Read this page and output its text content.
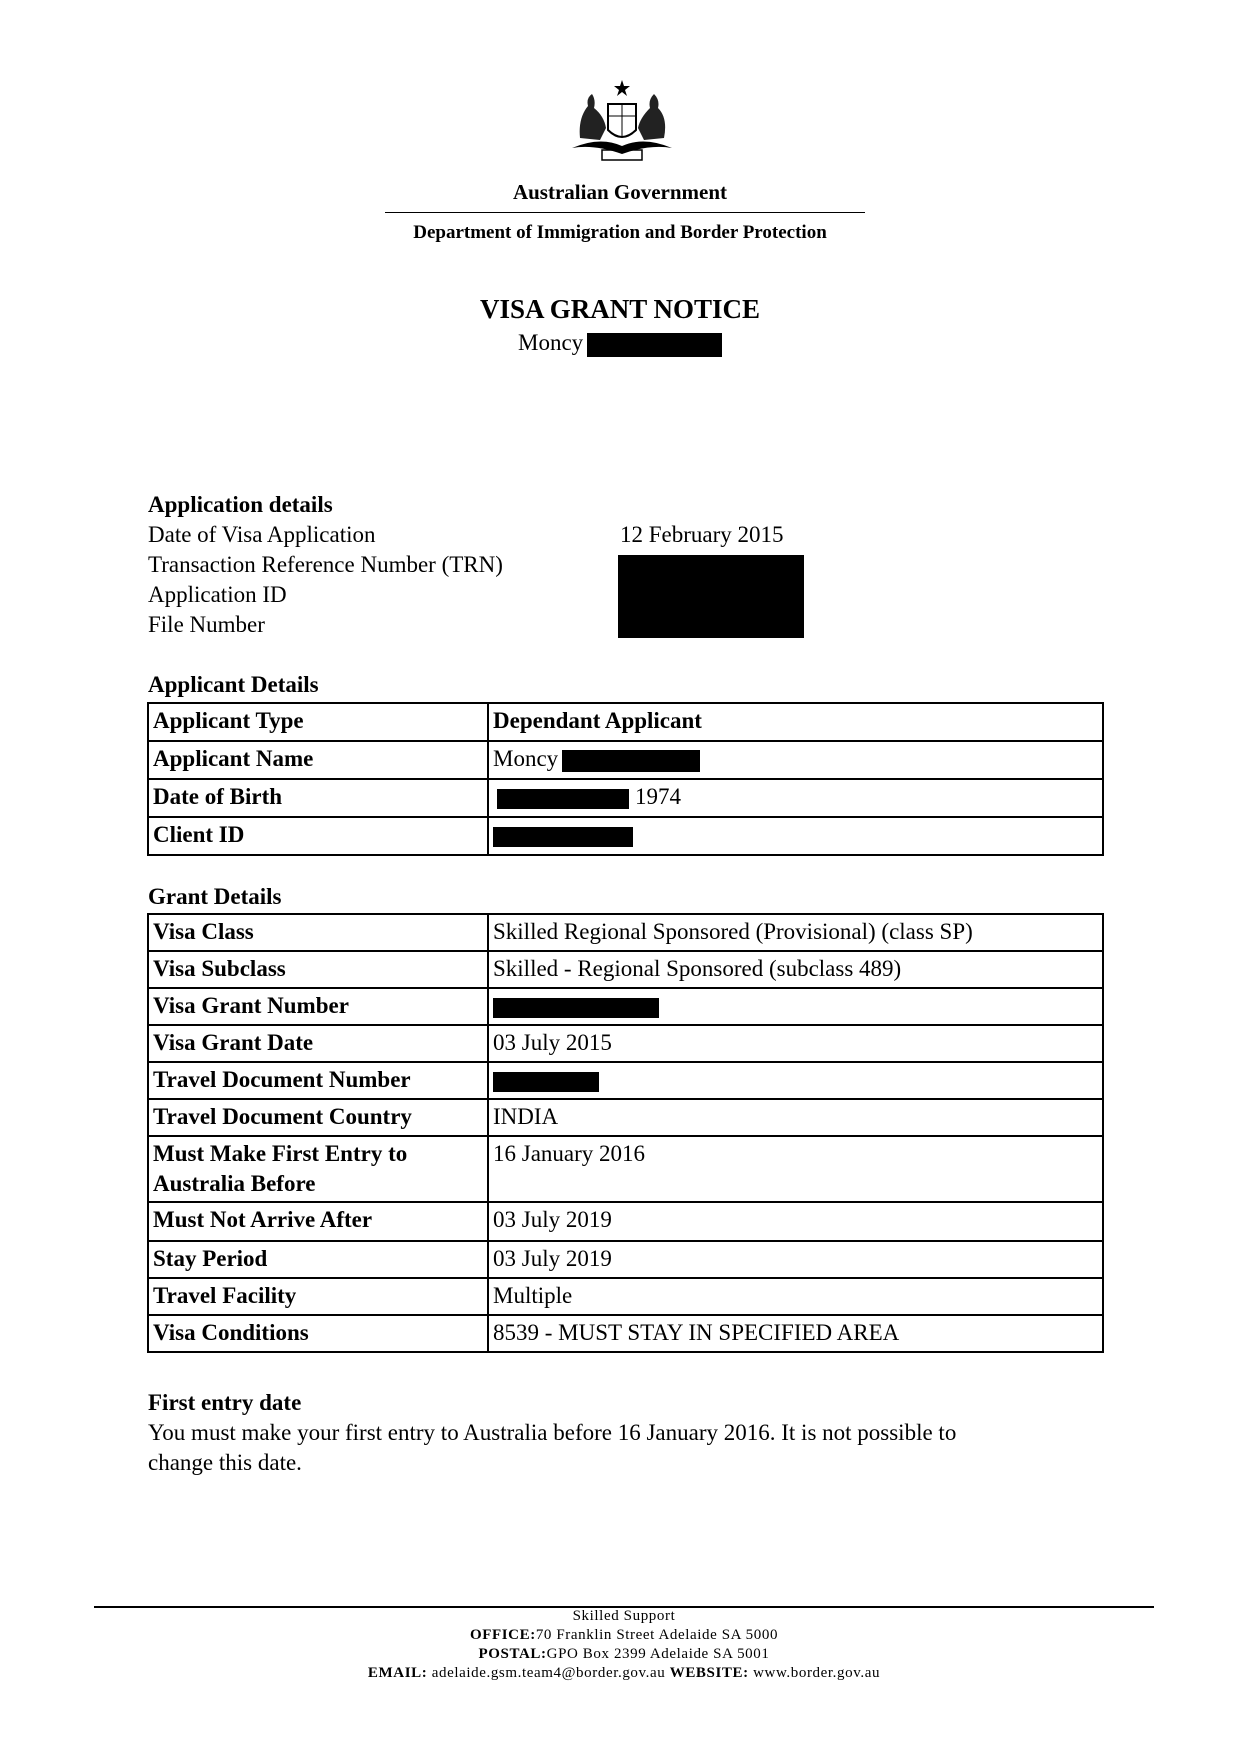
Australian Government
Department of Immigration and Border Protection
VISA GRANT NOTICE
Moncy
Application details
Date of Visa Application	12 February 2015
Transaction Reference Number (TRN)
Application ID
File Number
Applicant Details
Applicant Type	Dependant Applicant
Applicant Name	Moncy
Date of Birth	1974
Client ID	
Grant Details
Visa Class	Skilled Regional Sponsored (Provisional) (class SP)
Visa Subclass	Skilled - Regional Sponsored (subclass 489)
Visa Grant Number	
Visa Grant Date	03 July 2015
Travel Document Number	
Travel Document Country	INDIA
Must Make First Entry to
Australia Before	16 January 2016
Must Not Arrive After	03 July 2019
Stay Period	03 July 2019
Travel Facility	Multiple
Visa Conditions	8539 - MUST STAY IN SPECIFIED AREA
First entry date
You must make your first entry to Australia before 16 January 2016. It is not possible to
change this date.
Skilled Support
OFFICE:70 Franklin Street Adelaide SA 5000
POSTAL:GPO Box 2399 Adelaide SA 5001
EMAIL: adelaide.gsm.team4@border.gov.au WEBSITE: www.border.gov.au
